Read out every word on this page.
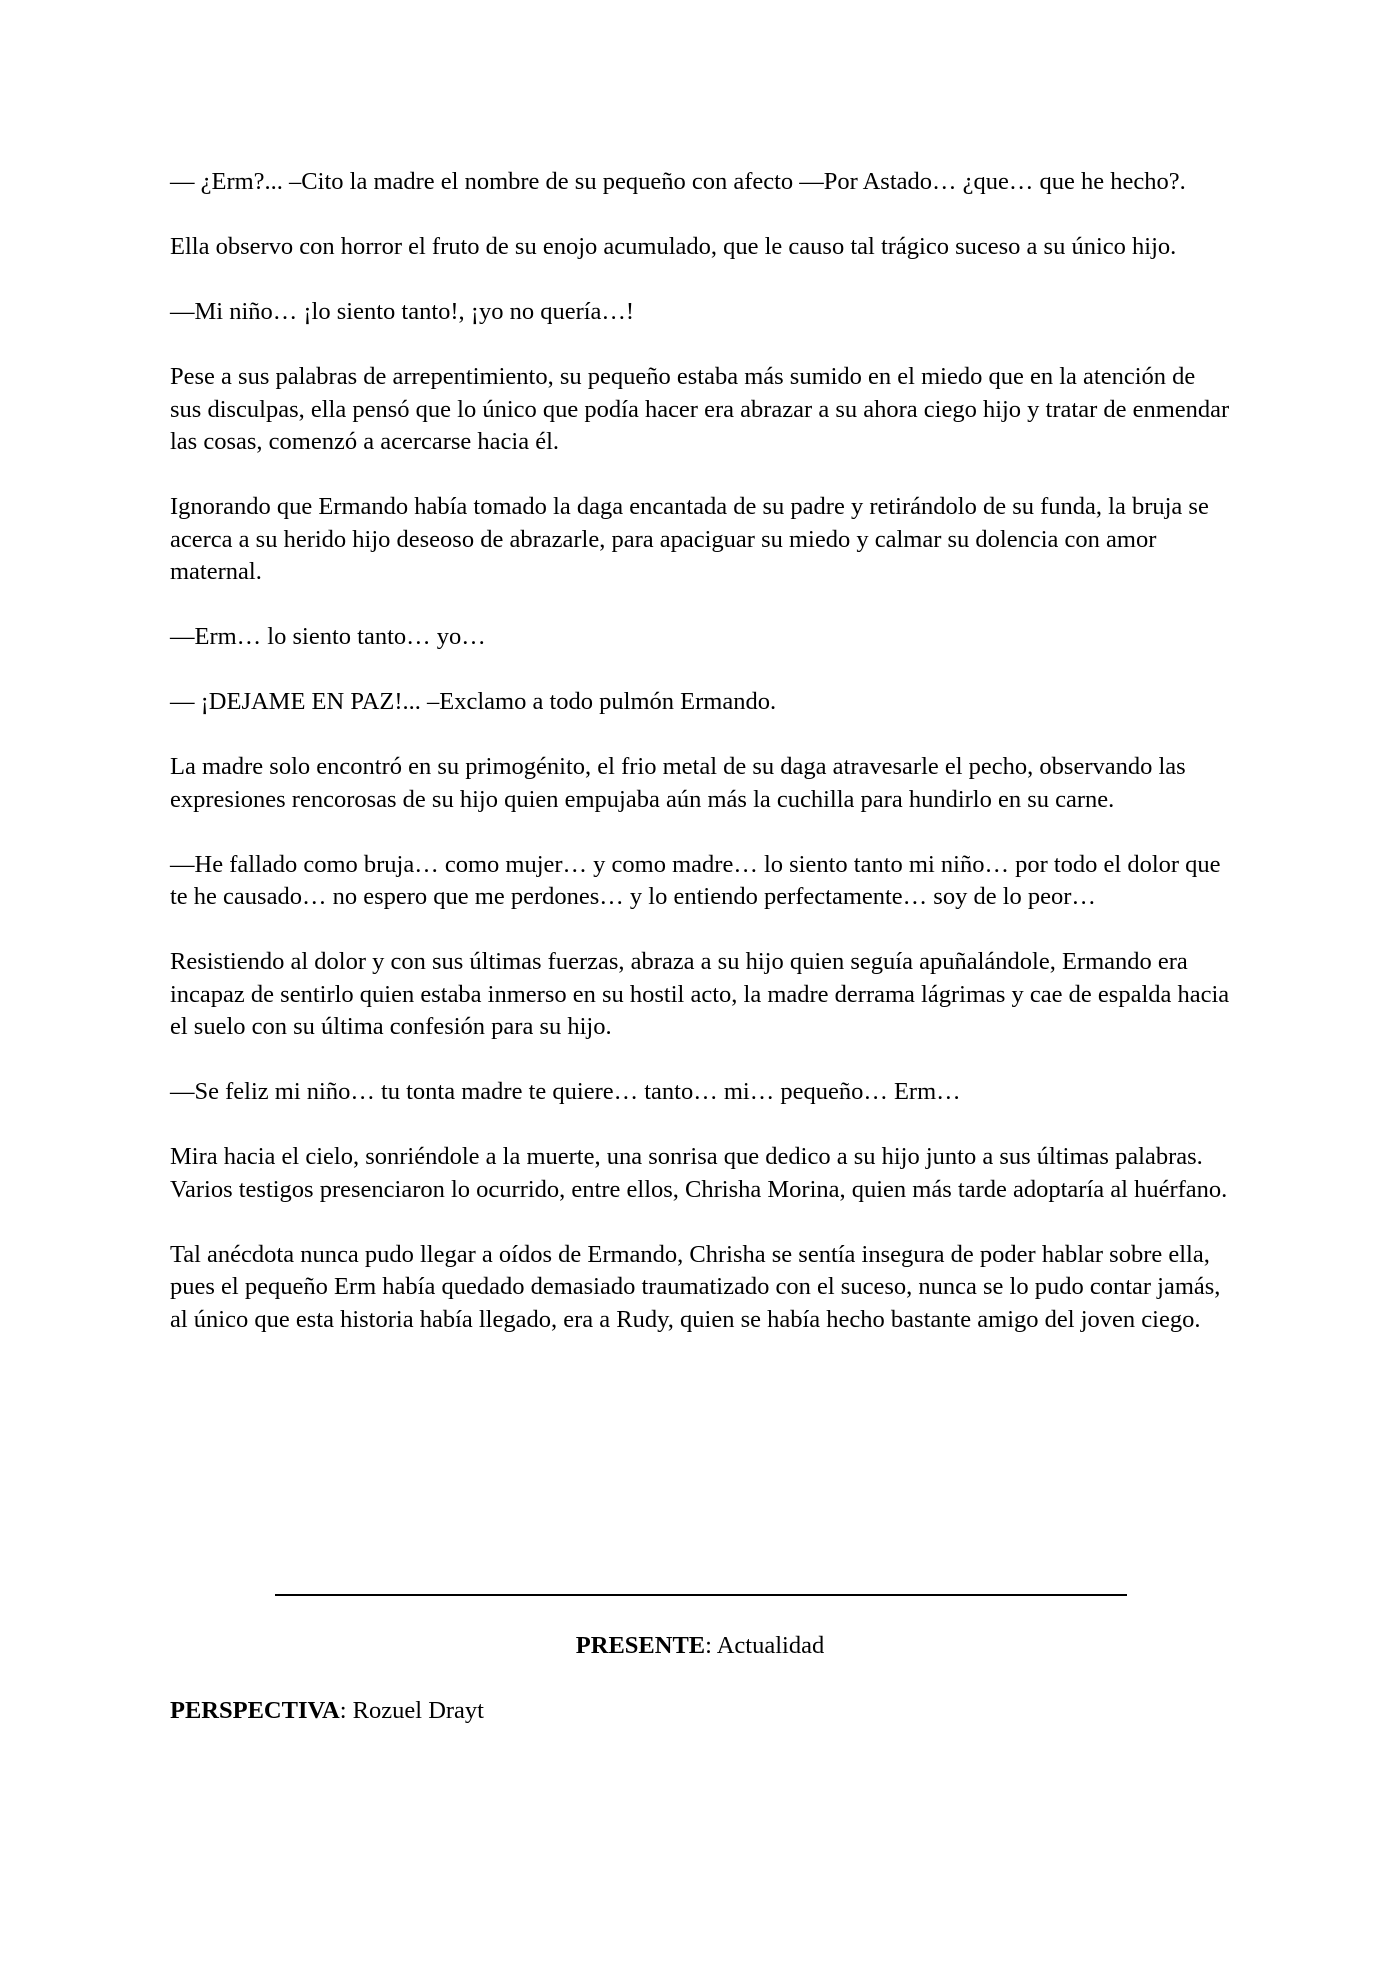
— ¿Erm?... –Cito la madre el nombre de su pequeño con afecto —Por Astado… ¿que… que he hecho?.

Ella observo con horror el fruto de su enojo acumulado, que le causo tal trágico suceso a su único hijo.

—Mi niño… ¡lo siento tanto!, ¡yo no quería…!

Pese a sus palabras de arrepentimiento, su pequeño estaba más sumido en el miedo que en la atención de sus disculpas, ella pensó que lo único que podía hacer era abrazar a su ahora ciego hijo y tratar de enmendar las cosas, comenzó a acercarse hacia él.

Ignorando que Ermando había tomado la daga encantada de su padre y retirándolo de su funda, la bruja se acerca a su herido hijo deseoso de abrazarle, para apaciguar su miedo y calmar su dolencia con amor maternal.

—Erm… lo siento tanto… yo…

— ¡DEJAME EN PAZ!... –Exclamo a todo pulmón Ermando.

La madre solo encontró en su primogénito, el frio metal de su daga atravesarle el pecho, observando las expresiones rencorosas de su hijo quien empujaba aún más la cuchilla para hundirlo en su carne.

—He fallado como bruja… como mujer… y como madre… lo siento tanto mi niño… por todo el dolor que te he causado… no espero que me perdones… y lo entiendo perfectamente… soy de lo peor…

Resistiendo al dolor y con sus últimas fuerzas, abraza a su hijo quien seguía apuñalándole, Ermando era incapaz de sentirlo quien estaba inmerso en su hostil acto, la madre derrama lágrimas y cae de espalda hacia el suelo con su última confesión para su hijo.

—Se feliz mi niño… tu tonta madre te quiere… tanto… mi… pequeño… Erm…

Mira hacia el cielo, sonriéndole a la muerte, una sonrisa que dedico a su hijo junto a sus últimas palabras. Varios testigos presenciaron lo ocurrido, entre ellos, Chrisha Morina, quien más tarde adoptaría al huérfano.

Tal anécdota nunca pudo llegar a oídos de Ermando, Chrisha se sentía insegura de poder hablar sobre ella, pues el pequeño Erm había quedado demasiado traumatizado con el suceso, nunca se lo pudo contar jamás, al único que esta historia había llegado, era a Rudy, quien se había hecho bastante amigo del joven ciego.

PRESENTE: Actualidad
PERSPECTIVA: Rozuel Drayt
